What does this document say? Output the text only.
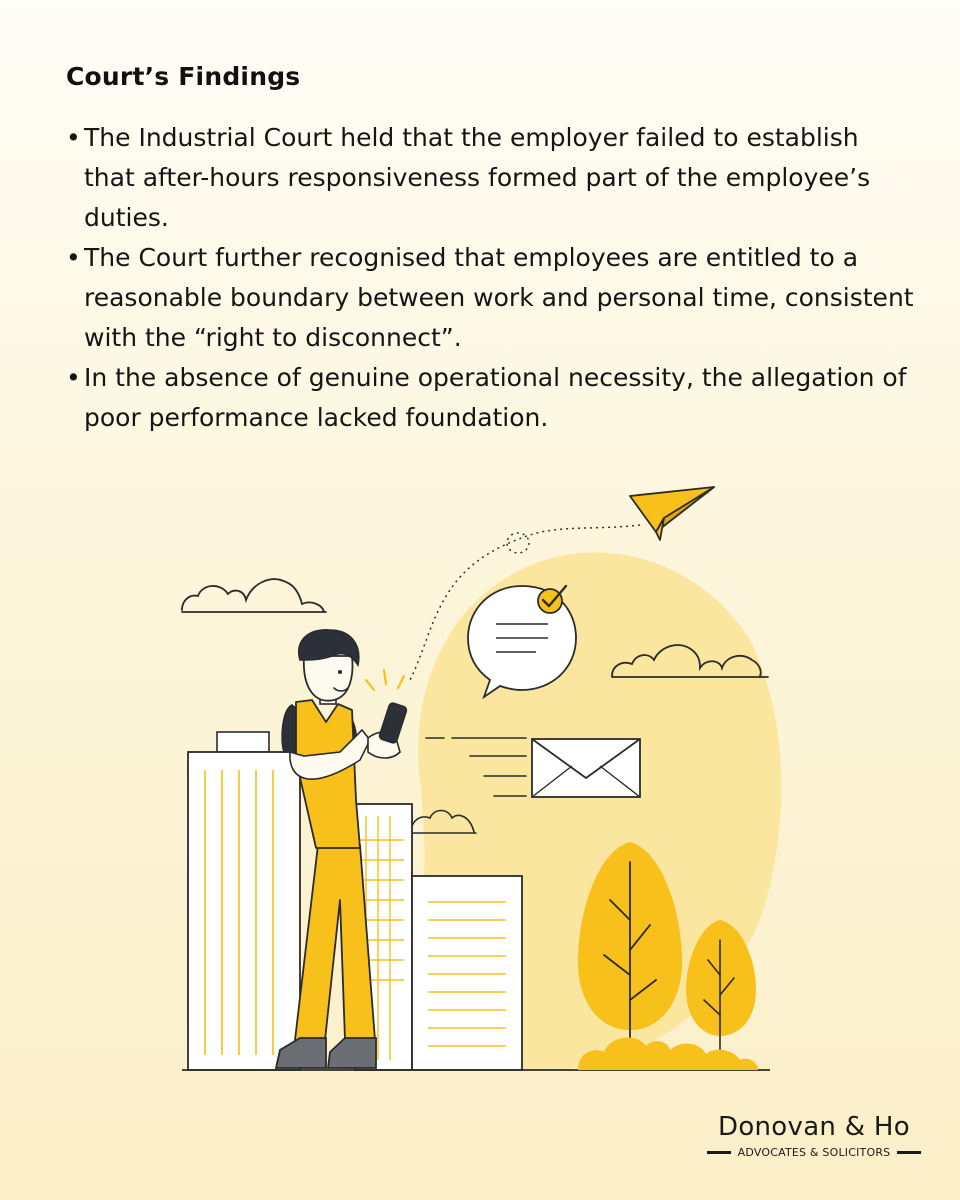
Court’s Findings
• The Industrial Court held that the employer failed to establish that after-hours responsiveness formed part of the employee’s duties.
• The Court further recognised that employees are entitled to a reasonable boundary between work and personal time, consistent with the “right to disconnect”.
• In the absence of genuine operational necessity, the allegation of poor performance lacked foundation.
Donovan & Ho
ADVOCATES & SOLICITORS
